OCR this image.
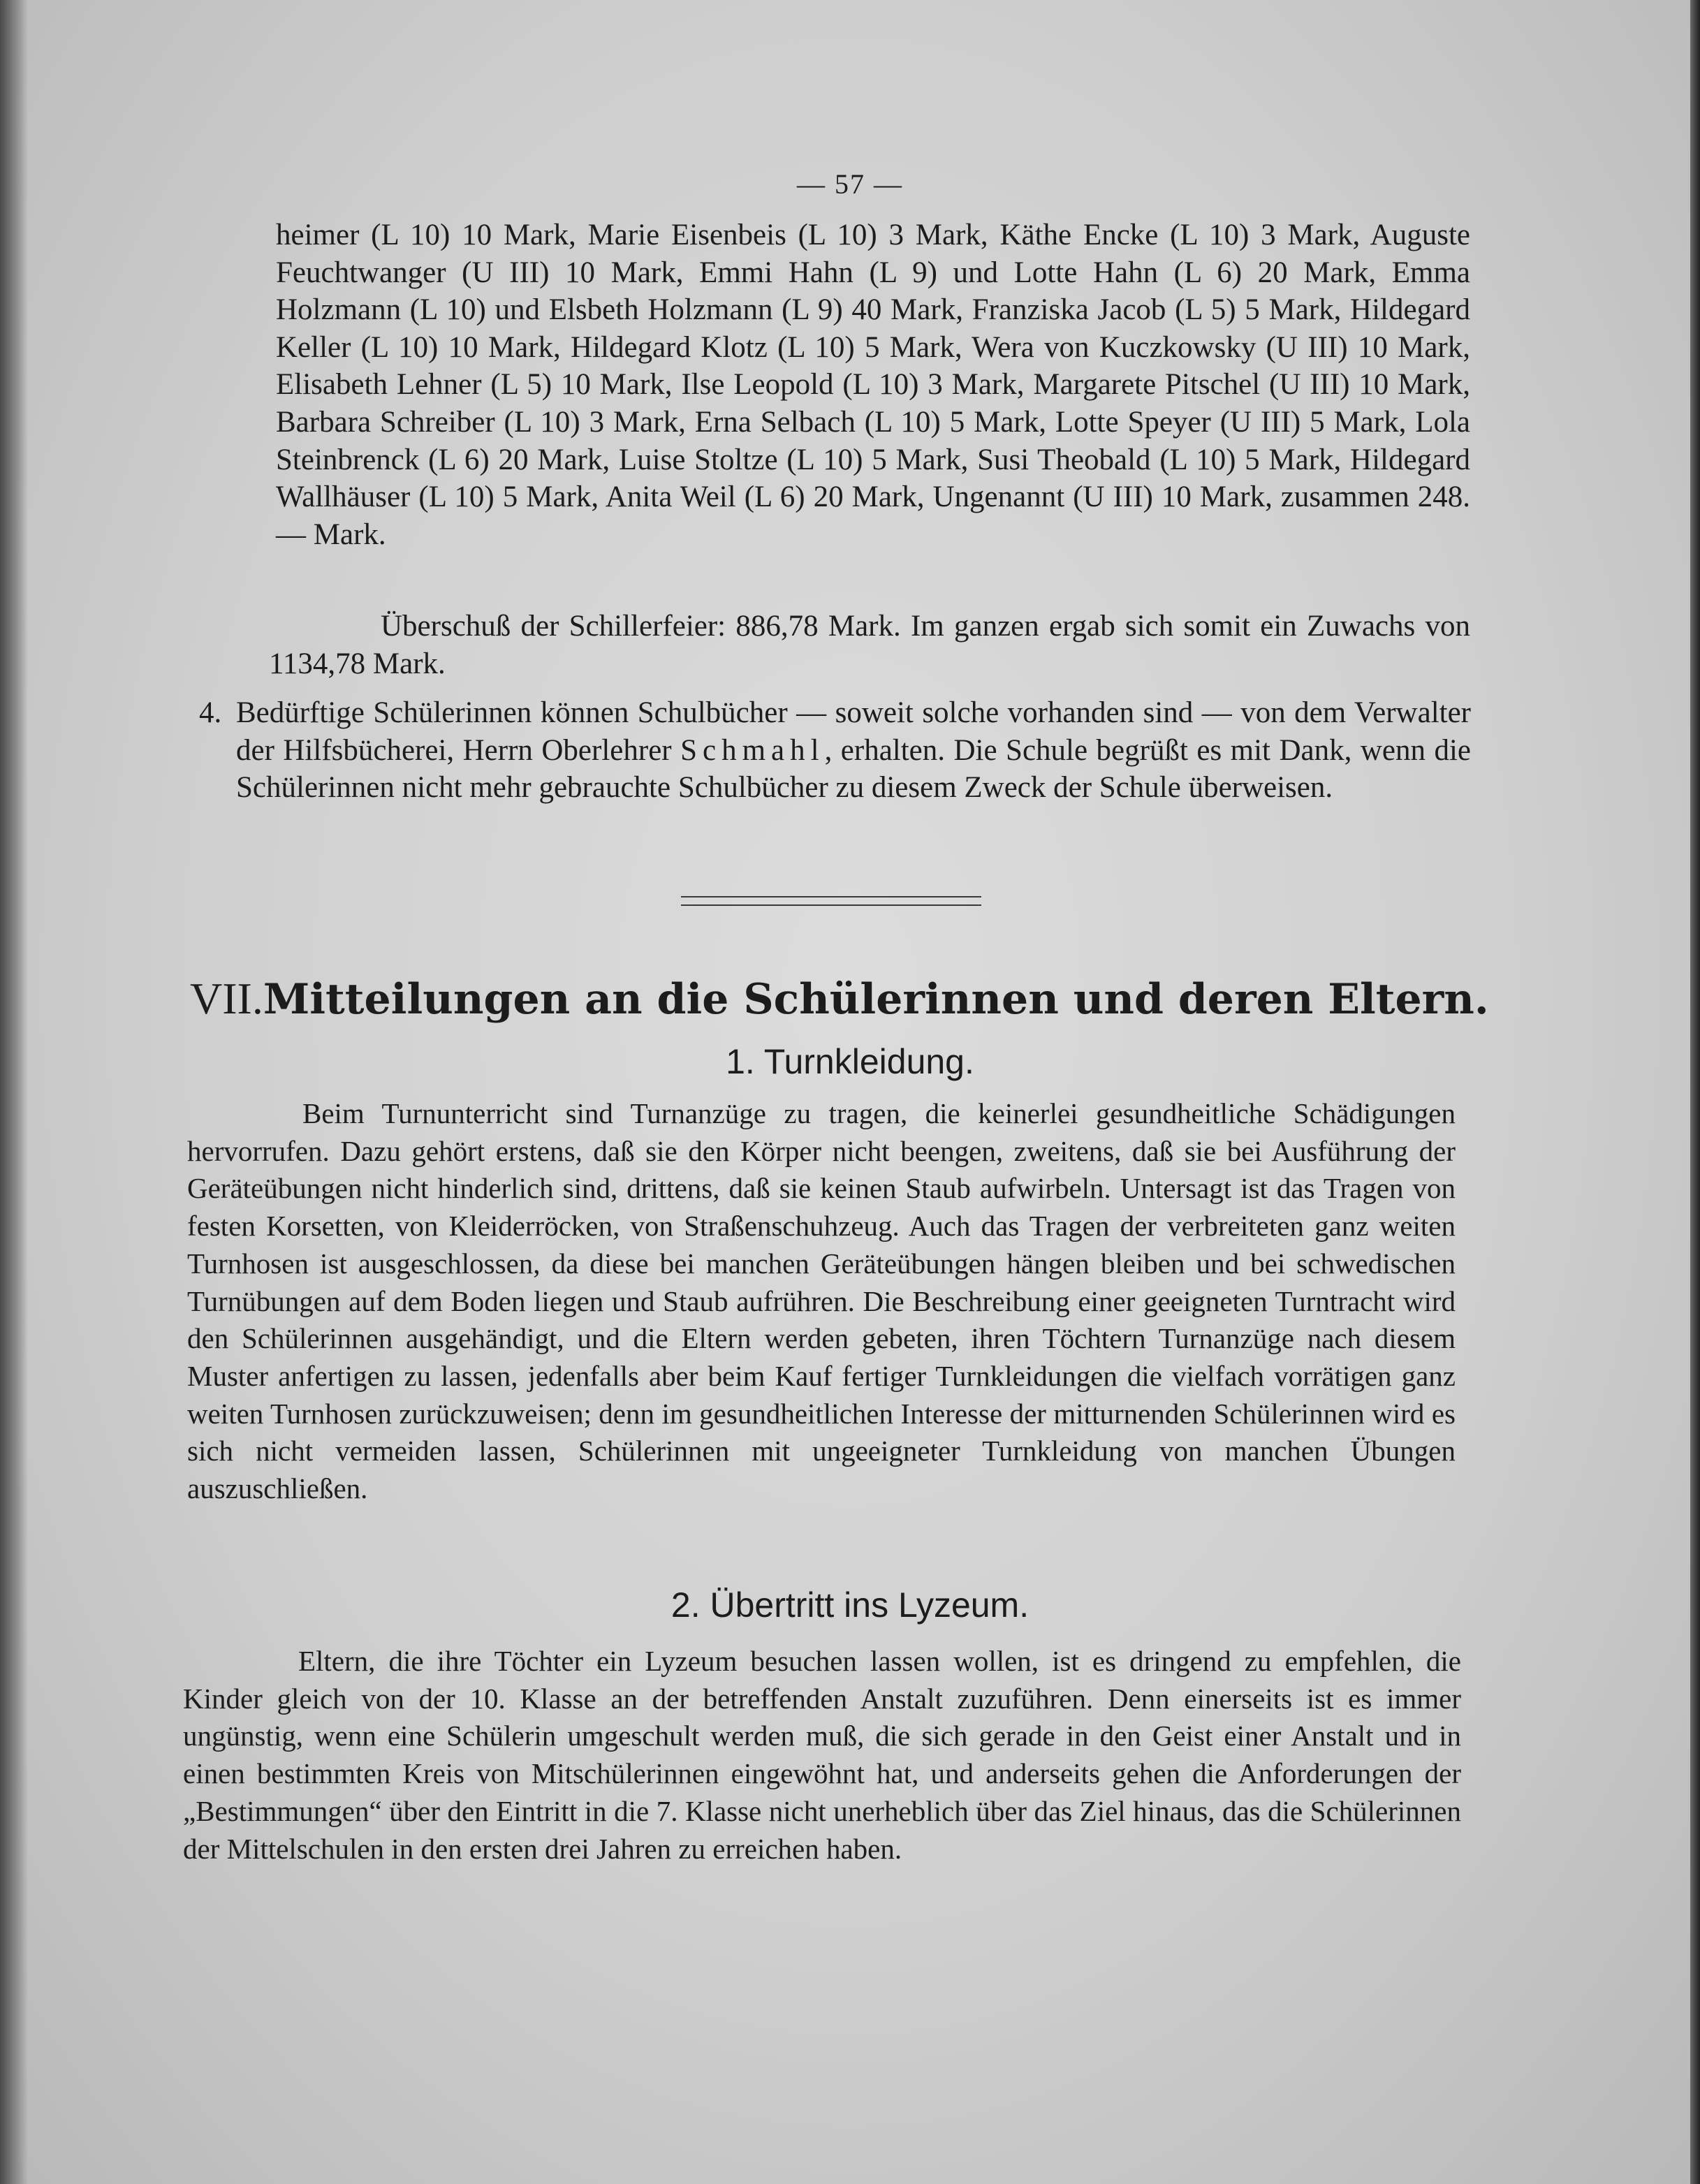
— 57 —

heimer (L 10) 10 Mark, Marie Eisenbeis (L 10) 3 Mark, Käthe Encke (L 10) 3 Mark, Auguste Feuchtwanger (U III) 10 Mark, Emmi Hahn (L 9) und Lotte Hahn (L 6) 20 Mark, Emma Holzmann (L 10) und Elsbeth Holzmann (L 9) 40 Mark, Franziska Jacob (L 5) 5 Mark, Hildegard Keller (L 10) 10 Mark, Hildegard Klotz (L 10) 5 Mark, Wera von Kuczkowsky (U III) 10 Mark, Elisabeth Lehner (L 5) 10 Mark, Ilse Leopold (L 10) 3 Mark, Margarete Pitschel (U III) 10 Mark, Barbara Schreiber (L 10) 3 Mark, Erna Selbach (L 10) 5 Mark, Lotte Speyer (U III) 5 Mark, Lola Steinbrenck (L 6) 20 Mark, Luise Stoltze (L 10) 5 Mark, Susi Theobald (L 10) 5 Mark, Hildegard Wallhäuser (L 10) 5 Mark, Anita Weil (L 6) 20 Mark, Ungenannt (U III) 10 Mark, zusammen 248.— Mark.

Überschuß der Schillerfeier: 886,78 Mark. Im ganzen ergab sich somit ein Zuwachs von 1134,78 Mark.

4. Bedürftige Schülerinnen können Schulbücher — soweit solche vorhanden sind — von dem Verwalter der Hilfsbücherei, Herrn Oberlehrer Schmahl, erhalten. Die Schule begrüßt es mit Dank, wenn die Schülerinnen nicht mehr gebrauchte Schulbücher zu diesem Zweck der Schule überweisen.

VII.Mitteilungen an die Schülerinnen und deren Eltern.
1. Turnkleidung.

Beim Turnunterricht sind Turnanzüge zu tragen, die keinerlei gesundheitliche Schädigungen hervorrufen. Dazu gehört erstens, daß sie den Körper nicht beengen, zweitens, daß sie bei Ausführung der Geräteübungen nicht hinderlich sind, drittens, daß sie keinen Staub aufwirbeln. Untersagt ist das Tragen von festen Korsetten, von Kleiderröcken, von Straßenschuhzeug. Auch das Tragen der verbreiteten ganz weiten Turnhosen ist ausgeschlossen, da diese bei manchen Geräteübungen hängen bleiben und bei schwedischen Turnübungen auf dem Boden liegen und Staub aufrühren. Die Beschreibung einer geeigneten Turntracht wird den Schülerinnen ausgehändigt, und die Eltern werden gebeten, ihren Töchtern Turnanzüge nach diesem Muster anfertigen zu lassen, jedenfalls aber beim Kauf fertiger Turnkleidungen die vielfach vorrätigen ganz weiten Turnhosen zurückzuweisen; denn im gesundheitlichen Interesse der mitturnenden Schülerinnen wird es sich nicht vermeiden lassen, Schülerinnen mit ungeeigneter Turnkleidung von manchen Übungen auszuschließen.

2. Übertritt ins Lyzeum.

Eltern, die ihre Töchter ein Lyzeum besuchen lassen wollen, ist es dringend zu empfehlen, die Kinder gleich von der 10. Klasse an der betreffenden Anstalt zuzuführen. Denn einerseits ist es immer ungünstig, wenn eine Schülerin umgeschult werden muß, die sich gerade in den Geist einer Anstalt und in einen bestimmten Kreis von Mitschülerinnen eingewöhnt hat, und anderseits gehen die Anforderungen der „Bestimmungen“ über den Eintritt in die 7. Klasse nicht unerheblich über das Ziel hinaus, das die Schülerinnen der Mittelschulen in den ersten drei Jahren zu erreichen haben.
